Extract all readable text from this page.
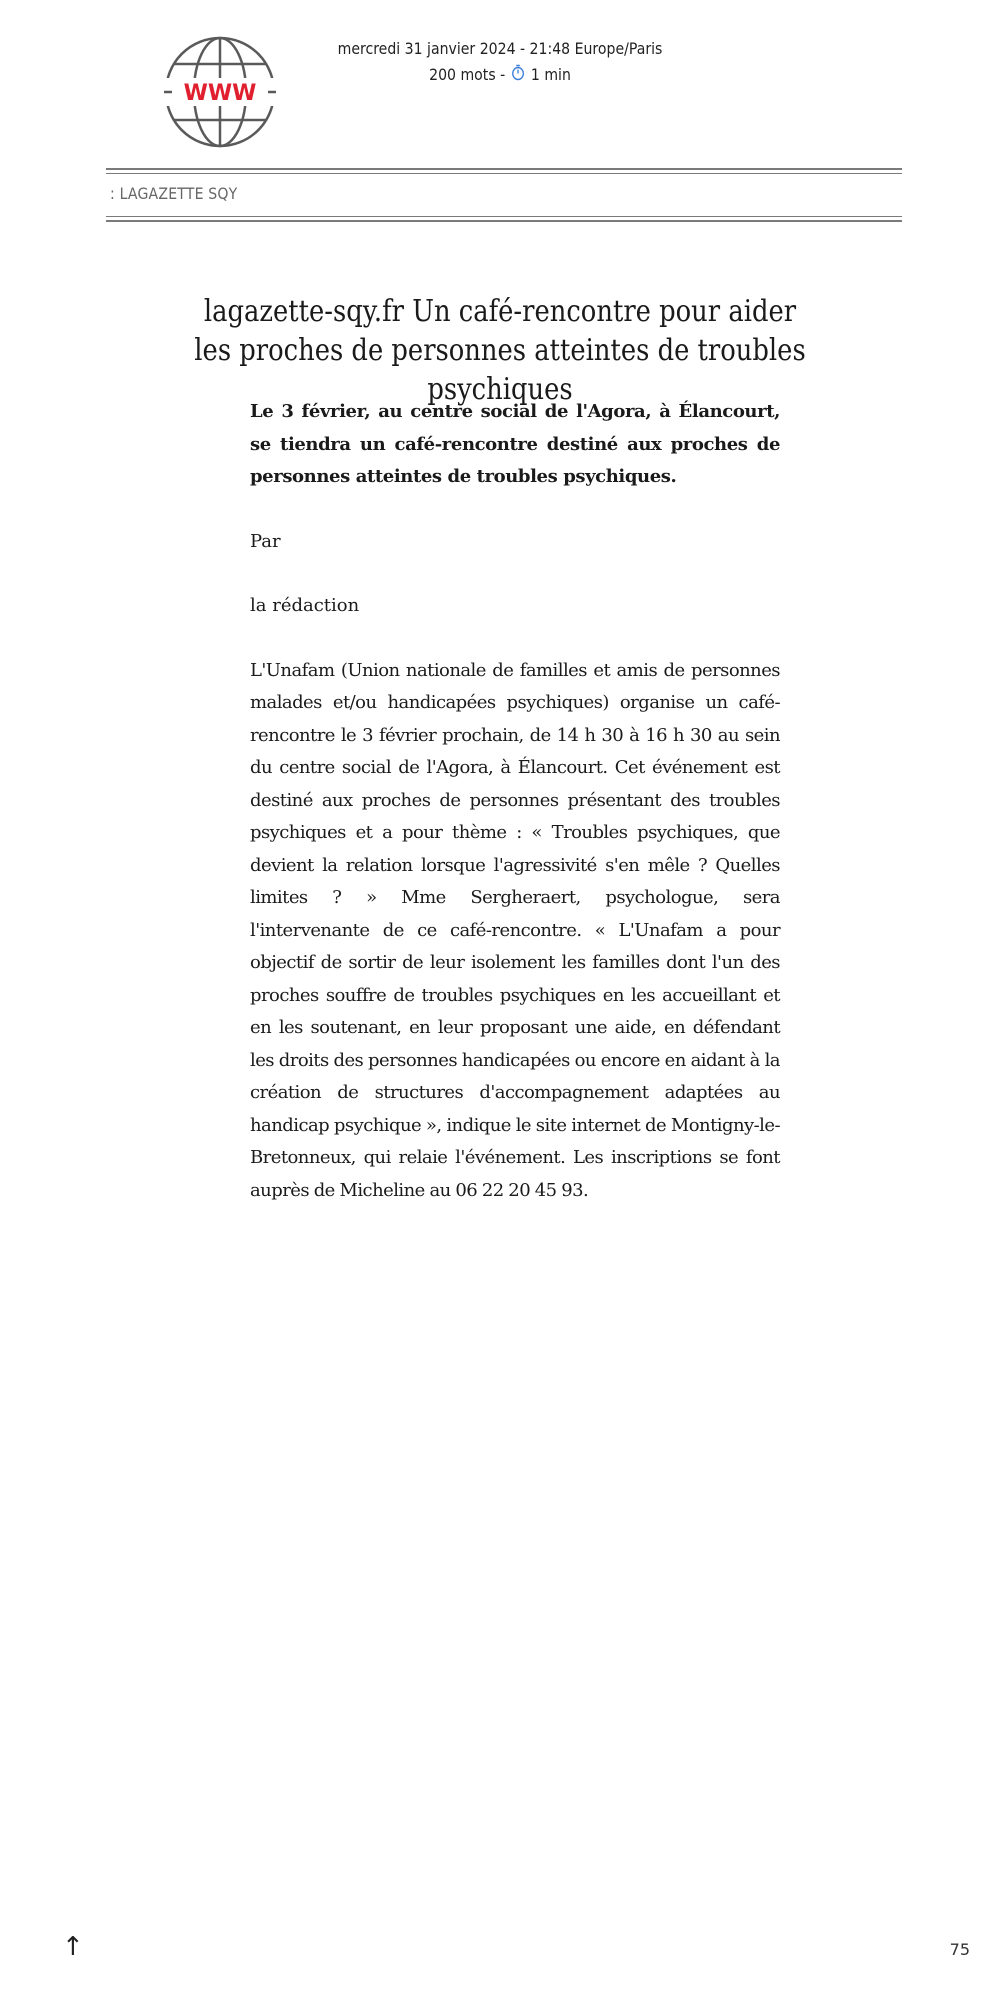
WWW
mercredi 31 janvier 2024 - 21:48 Europe/Paris
200 mots - 1 min
: LAGAZETTE SQY
lagazette-sqy.fr Un café-rencontre pour aider les proches de personnes atteintes de troubles psychiques

Le 3 février, au centre social de l'Agora, à Élancourt, se tiendra un café-rencontre destiné aux proches de personnes atteintes de troubles psychiques.

Par

la rédaction

L'Unafam (Union nationale de familles et amis de personnes malades et/ou handicapées psychiques) organise un café-rencontre le 3 février prochain, de 14 h 30 à 16 h 30 au sein du centre social de l'Agora, à Élancourt. Cet événement est destiné aux proches de personnes présentant des troubles psychiques et a pour thème : « Troubles psychiques, que devient la relation lorsque l'agressivité s'en mêle ? Quelles limites ? » Mme Sergheraert, psychologue, sera l'intervenante de ce café-rencontre. « L'Unafam a pour objectif de sortir de leur isolement les familles dont l'un des proches souffre de troubles psychiques en les accueillant et en les soutenant, en leur proposant une aide, en défendant les droits des personnes handicapées ou encore en aidant à la création de structures d'accompagnement adaptées au handicap psychique », indique le site internet de Montigny-le-Bretonneux, qui relaie l'événement. Les inscriptions se font auprès de Micheline au 06 22 20 45 93.

↑	75
